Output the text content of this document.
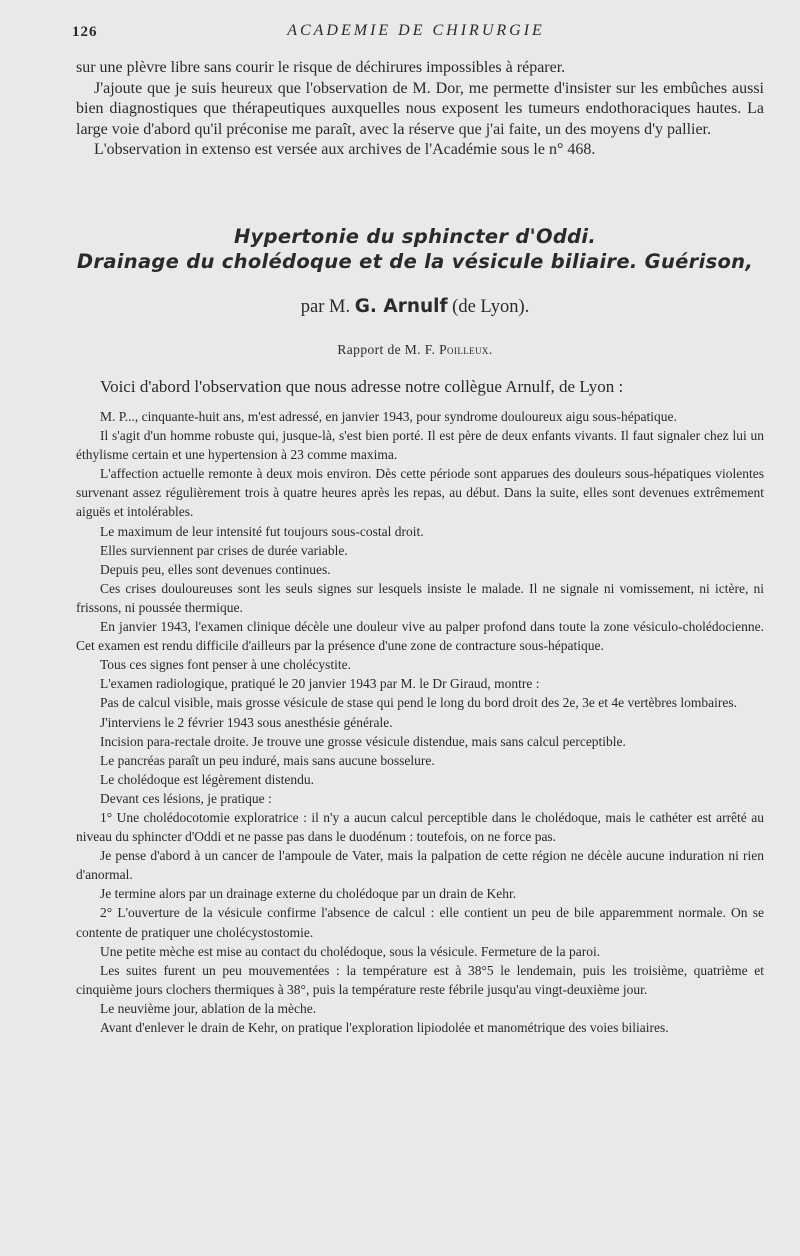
126	ACADEMIE DE CHIRURGIE

sur une plèvre libre sans courir le risque de déchirures impossibles à réparer.

J'ajoute que je suis heureux que l'observation de M. Dor, me permette d'insister sur les embûches aussi bien diagnostiques que thérapeutiques auxquelles nous exposent les tumeurs endothoraciques hautes. La large voie d'abord qu'il préconise me paraît, avec la réserve que j'ai faite, un des moyens d'y pallier.

L'observation in extenso est versée aux archives de l'Académie sous le n° 468.

Hypertonie du sphincter d'Oddi.
Drainage du cholédoque et de la vésicule biliaire. Guérison,
par M. G. Arnulf (de Lyon).
Rapport de M. F. Poilleux.
Voici d'abord l'observation que nous adresse notre collègue Arnulf, de Lyon :

M. P..., cinquante-huit ans, m'est adressé, en janvier 1943, pour syndrome douloureux aigu sous-hépatique.

Il s'agit d'un homme robuste qui, jusque-là, s'est bien porté. Il est père de deux enfants vivants. Il faut signaler chez lui un éthylisme certain et une hypertension à 23 comme maxima.

L'affection actuelle remonte à deux mois environ. Dès cette période sont apparues des douleurs sous-hépatiques violentes survenant assez régulièrement trois à quatre heures après les repas, au début. Dans la suite, elles sont devenues extrêmement aiguës et intolérables.

Le maximum de leur intensité fut toujours sous-costal droit.

Elles surviennent par crises de durée variable.

Depuis peu, elles sont devenues continues.

Ces crises douloureuses sont les seuls signes sur lesquels insiste le malade. Il ne signale ni vomissement, ni ictère, ni frissons, ni poussée thermique.

En janvier 1943, l'examen clinique décèle une douleur vive au palper profond dans toute la zone vésiculo-cholédocienne. Cet examen est rendu difficile d'ailleurs par la présence d'une zone de contracture sous-hépatique.

Tous ces signes font penser à une cholécystite.

L'examen radiologique, pratiqué le 20 janvier 1943 par M. le Dr Giraud, montre :

Pas de calcul visible, mais grosse vésicule de stase qui pend le long du bord droit des 2e, 3e et 4e vertèbres lombaires.

J'interviens le 2 février 1943 sous anesthésie générale.

Incision para-rectale droite. Je trouve une grosse vésicule distendue, mais sans calcul perceptible.

Le pancréas paraît un peu induré, mais sans aucune bosselure.

Le cholédoque est légèrement distendu.

Devant ces lésions, je pratique :

1° Une cholédocotomie exploratrice : il n'y a aucun calcul perceptible dans le cholédoque, mais le cathéter est arrêté au niveau du sphincter d'Oddi et ne passe pas dans le duodénum : toutefois, on ne force pas.

Je pense d'abord à un cancer de l'ampoule de Vater, mais la palpation de cette région ne décèle aucune induration ni rien d'anormal.

Je termine alors par un drainage externe du cholédoque par un drain de Kehr.

2° L'ouverture de la vésicule confirme l'absence de calcul : elle contient un peu de bile apparemment normale. On se contente de pratiquer une cholécystostomie.

Une petite mèche est mise au contact du cholédoque, sous la vésicule. Fermeture de la paroi.

Les suites furent un peu mouvementées : la température est à 38°5 le lendemain, puis les troisième, quatrième et cinquième jours clochers thermiques à 38°, puis la température reste fébrile jusqu'au vingt-deuxième jour.

Le neuvième jour, ablation de la mèche.

Avant d'enlever le drain de Kehr, on pratique l'exploration lipiodolée et manométrique des voies biliaires.
